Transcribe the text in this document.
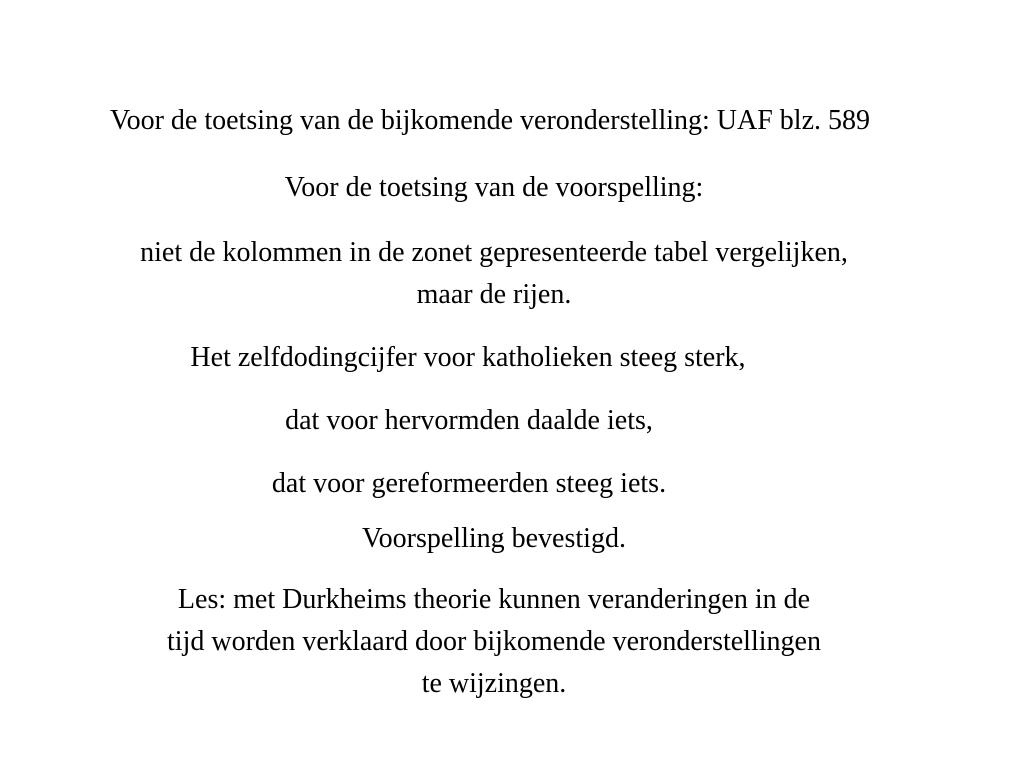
Voor de toetsing van de bijkomende veronderstelling: UAF blz. 589
Voor de toetsing van de voorspelling:
niet de kolommen in de zonet gepresenteerde tabel vergelijken,
maar de rijen.
Het zelfdodingcijfer voor katholieken steeg sterk,
dat voor hervormden daalde iets,
dat voor gereformeerden steeg iets.
Voorspelling bevestigd.
Les: met Durkheims theorie kunnen veranderingen in de
tijd worden verklaard door bijkomende veronderstellingen
te wijzingen.
